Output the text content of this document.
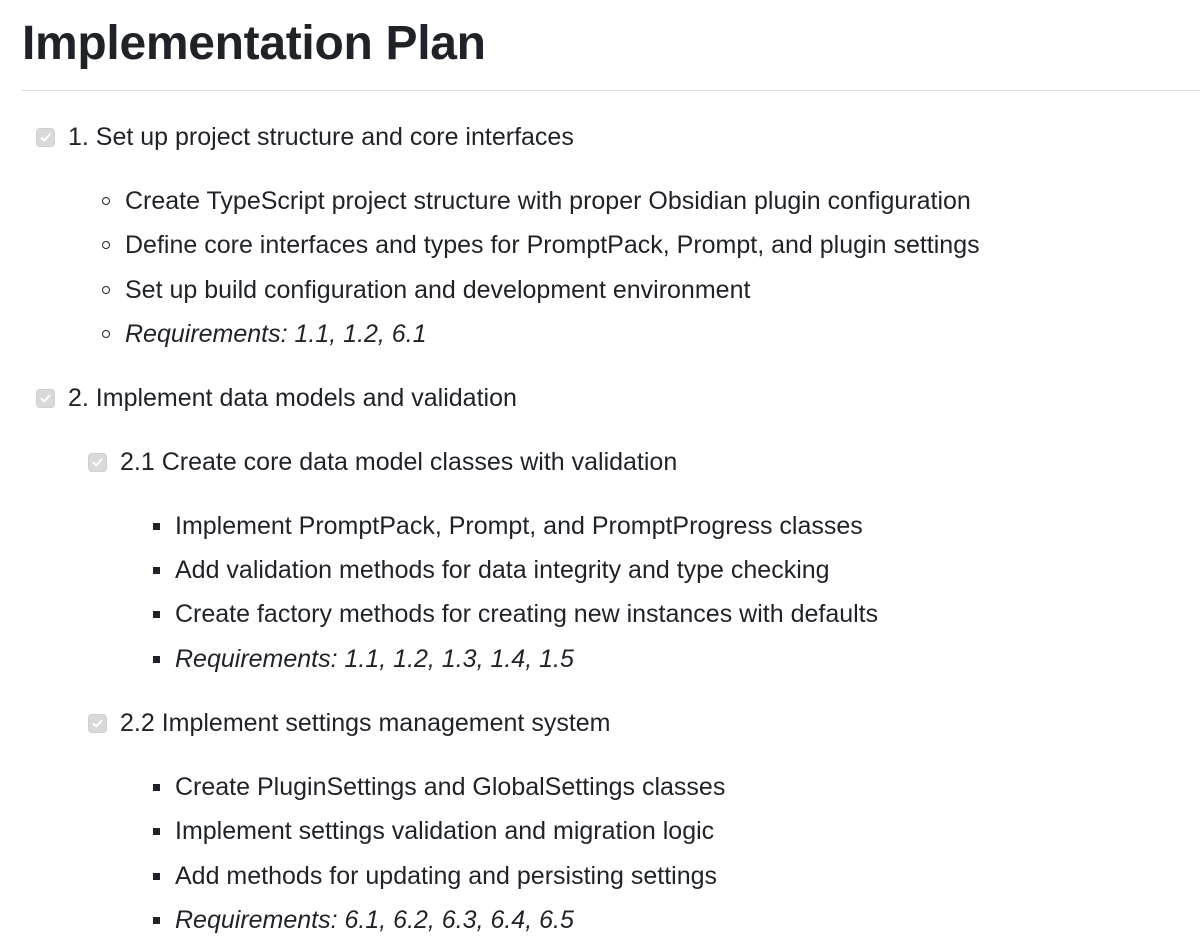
Implementation Plan
1. Set up project structure and core interfaces
Create TypeScript project structure with proper Obsidian plugin configuration
Define core interfaces and types for PromptPack, Prompt, and plugin settings
Set up build configuration and development environment
Requirements: 1.1, 1.2, 6.1
2. Implement data models and validation
2.1 Create core data model classes with validation
Implement PromptPack, Prompt, and PromptProgress classes
Add validation methods for data integrity and type checking
Create factory methods for creating new instances with defaults
Requirements: 1.1, 1.2, 1.3, 1.4, 1.5
2.2 Implement settings management system
Create PluginSettings and GlobalSettings classes
Implement settings validation and migration logic
Add methods for updating and persisting settings
Requirements: 6.1, 6.2, 6.3, 6.4, 6.5
